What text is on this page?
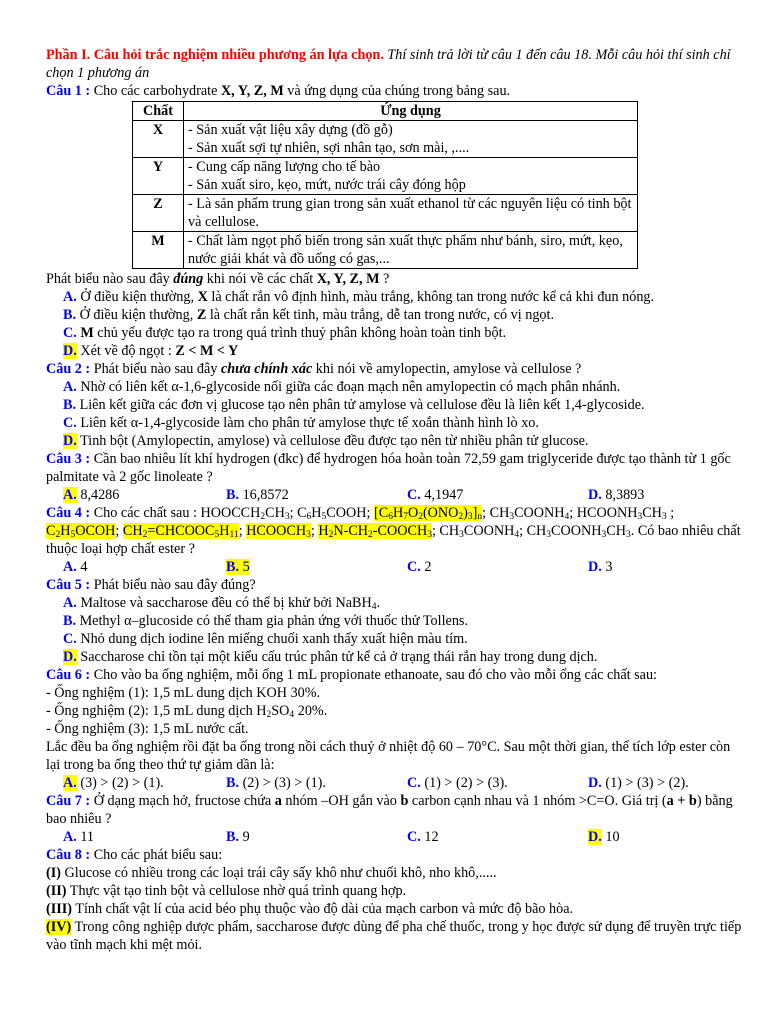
Phần I. Câu hỏi trắc nghiệm nhiều phương án lựa chọn. Thí sinh trả lời từ câu 1 đến câu 18. Mỗi câu hỏi thí sinh chỉ chọn 1 phương án
Câu 1 : Cho các carbohydrate X, Y, Z, M và ứng dụng của chúng trong bảng sau.
Chất	Ứng dụng
X	- Sản xuất vật liệu xây dựng (đồ gỗ)
- Sản xuất sợi tự nhiên, sợi nhân tạo, sơn mài, ,....
Y	- Cung cấp năng lượng cho tế bào
- Sản xuất siro, kẹo, mứt, nước trái cây đóng hộp
Z	- Là sản phẩm trung gian trong sản xuất ethanol từ các nguyên liệu có tinh bột và cellulose.
M	- Chất làm ngọt phổ biến trong sản xuất thực phẩm như bánh, siro, mứt, kẹo, nước giải khát và đồ uống có gas,...
Phát biểu nào sau đây đúng khi nói về các chất X, Y, Z, M ?
A. Ở điều kiện thường, X là chất rắn vô định hình, màu trắng, không tan trong nước kể cả khi đun nóng.
B. Ở điều kiện thường, Z là chất rắn kết tinh, màu trắng, dễ tan trong nước, có vị ngọt.
C. M chủ yếu được tạo ra trong quá trình thuỷ phân không hoàn toàn tinh bột.
D. Xét về độ ngọt : Z < M < Y
Câu 2 : Phát biểu nào sau đây chưa chính xác khi nói về amylopectin, amylose và cellulose ?
A. Nhờ có liên kết α-1,6-glycoside nối giữa các đoạn mạch nên amylopectin có mạch phân nhánh.
B. Liên kết giữa các đơn vị glucose tạo nên phân tử amylose và cellulose đều là liên kết 1,4-glycoside.
C. Liên kết α-1,4-glycoside làm cho phân tử amylose thực tế xoắn thành hình lò xo.
D. Tinh bột (Amylopectin, amylose) và cellulose đều được tạo nên từ nhiều phân tử glucose.
Câu 3 : Cần bao nhiêu lít khí hydrogen (đkc) để hydrogen hóa hoàn toàn 72,59 gam triglyceride được tạo thành từ 1 gốc palmitate và 2 gốc linoleate ?
A. 8,4286	B. 16,8572	C. 4,1947	D. 8,3893
Câu 4 : Cho các chất sau : $HOOCCH_2CH_3$; $C_6H_5COOH$; $[C_6H_7O_2(ONO_2)_3]_n$; $CH_3COONH_4$; $HCOONH_3CH_3$ ; $C_2H_5OCOH$; $CH_2=CHCOOC_5H_{11}$; $HCOOCH_3$; $H_2N-CH_2-COOCH_3$; $CH_3COONH_4$; $CH_3COONH_3CH_3$. Có bao nhiêu chất thuộc loại hợp chất ester ?
A. 4	B. 5	C. 2	D. 3
Câu 5 : Phát biểu nào sau đây đúng?
A. Maltose và saccharose đều có thể bị khử bởi NaBH$_4$.
B. Methyl α–glucoside có thể tham gia phản ứng với thuốc thử Tollens.
C. Nhỏ dung dịch iodine lên miếng chuối xanh thấy xuất hiện màu tím.
D. Saccharose chỉ tồn tại một kiểu cấu trúc phân tử kể cả ở trạng thái rắn hay trong dung dịch.
Câu 6 : Cho vào ba ống nghiệm, mỗi ống 1 mL propionate ethanoate, sau đó cho vào mỗi ống các chất sau:
- Ống nghiệm (1): 1,5 mL dung dịch KOH 30%.
- Ống nghiệm (2): 1,5 mL dung dịch $H_2SO_4$ 20%.
- Ống nghiệm (3): 1,5 mL nước cất.
Lắc đều ba ống nghiệm rồi đặt ba ống trong nồi cách thuỷ ở nhiệt độ 60 – 70°C. Sau một thời gian, thể tích lớp ester còn lại trong ba ống theo thứ tự giảm dần là:
A. (3) > (2) > (1).	B. (2) > (3) > (1).	C. (1) > (2) > (3).	D. (1) > (3) > (2).
Câu 7 : Ở dạng mạch hở, fructose chứa a nhóm –OH gắn vào b carbon cạnh nhau và 1 nhóm >C=O. Giá trị (a + b) bằng bao nhiêu ?
A. 11	B. 9	C. 12	D. 10
Câu 8 : Cho các phát biểu sau:
(I) Glucose có nhiều trong các loại trái cây sấy khô như chuối khô, nho khô,.....
(II) Thực vật tạo tinh bột và cellulose nhờ quá trình quang hợp.
(III) Tính chất vật lí của acid béo phụ thuộc vào độ dài của mạch carbon và mức độ bão hòa.
(IV) Trong công nghiệp dược phẩm, saccharose được dùng để pha chế thuốc, trong y học được sử dụng để truyền trực tiếp vào tĩnh mạch khi mệt mỏi.
